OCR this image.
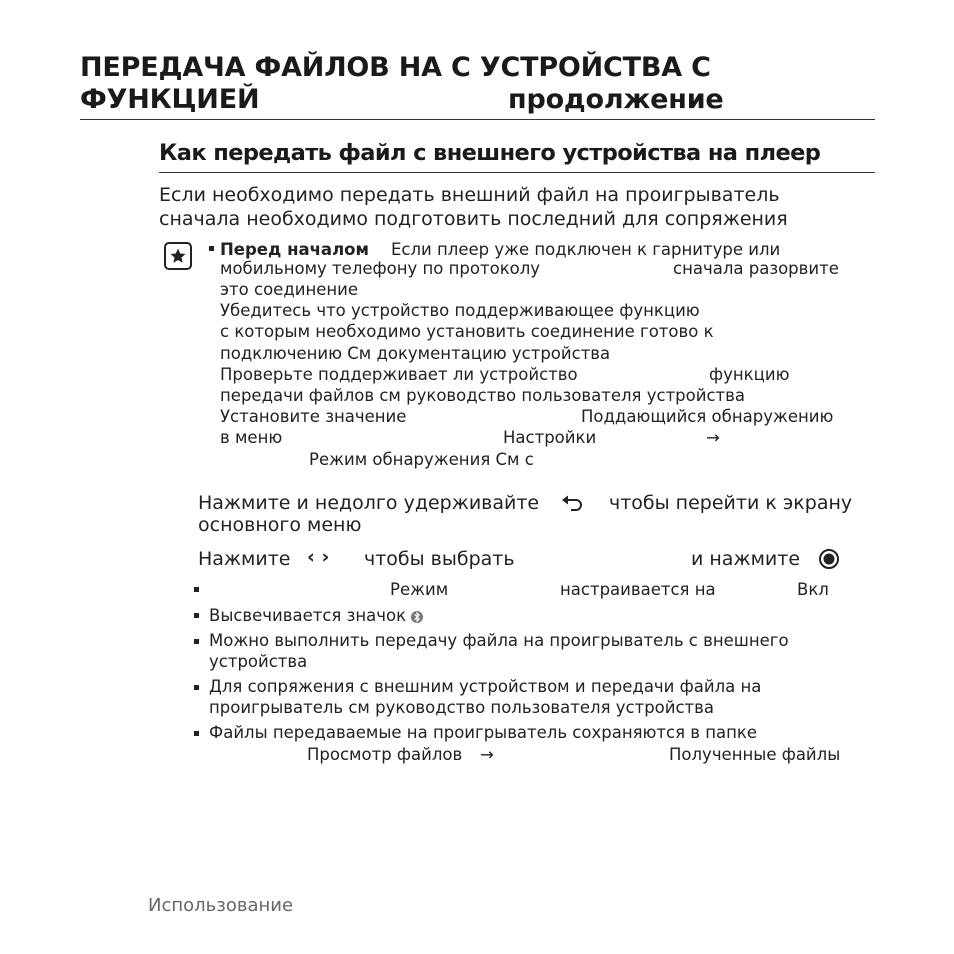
ПЕРЕДАЧА ФАЙЛОВ НА С УСТРОЙСТВА С
ФУНКЦИЕЙ	продолжение
Как передать файл с внешнего устройства на плеер
Если необходимо передать внешний файл на проигрыватель
сначала необходимо подготовить последний для сопряжения
Перед началом Если плеер уже подключен к гарнитуре или
мобильному телефону по протоколу	сначала разорвите
это соединение
Убедитесь что устройство поддерживающее функцию
с которым необходимо установить соединение готово к
подключению См документацию устройства
Проверьте поддерживает ли устройство	функцию
передачи файлов см руководство пользователя устройства
Установите значение	Поддающийся обнаружению
в меню	Настройки	→
Режим обнаружения См с
Нажмите и недолго удерживайте	чтобы перейти к экрану
основного меню
Нажмите ‹ › чтобы выбрать	и нажмите
Режим	настраивается на	Вкл
Высвечивается значок
Можно выполнить передачу файла на проигрыватель с внешнего
устройства
Для сопряжения с внешним устройством и передачи файла на
проигрыватель см руководство пользователя устройства
Файлы передаваемые на проигрыватель сохраняются в папке
Просмотр файлов →	Полученные файлы
Использование
